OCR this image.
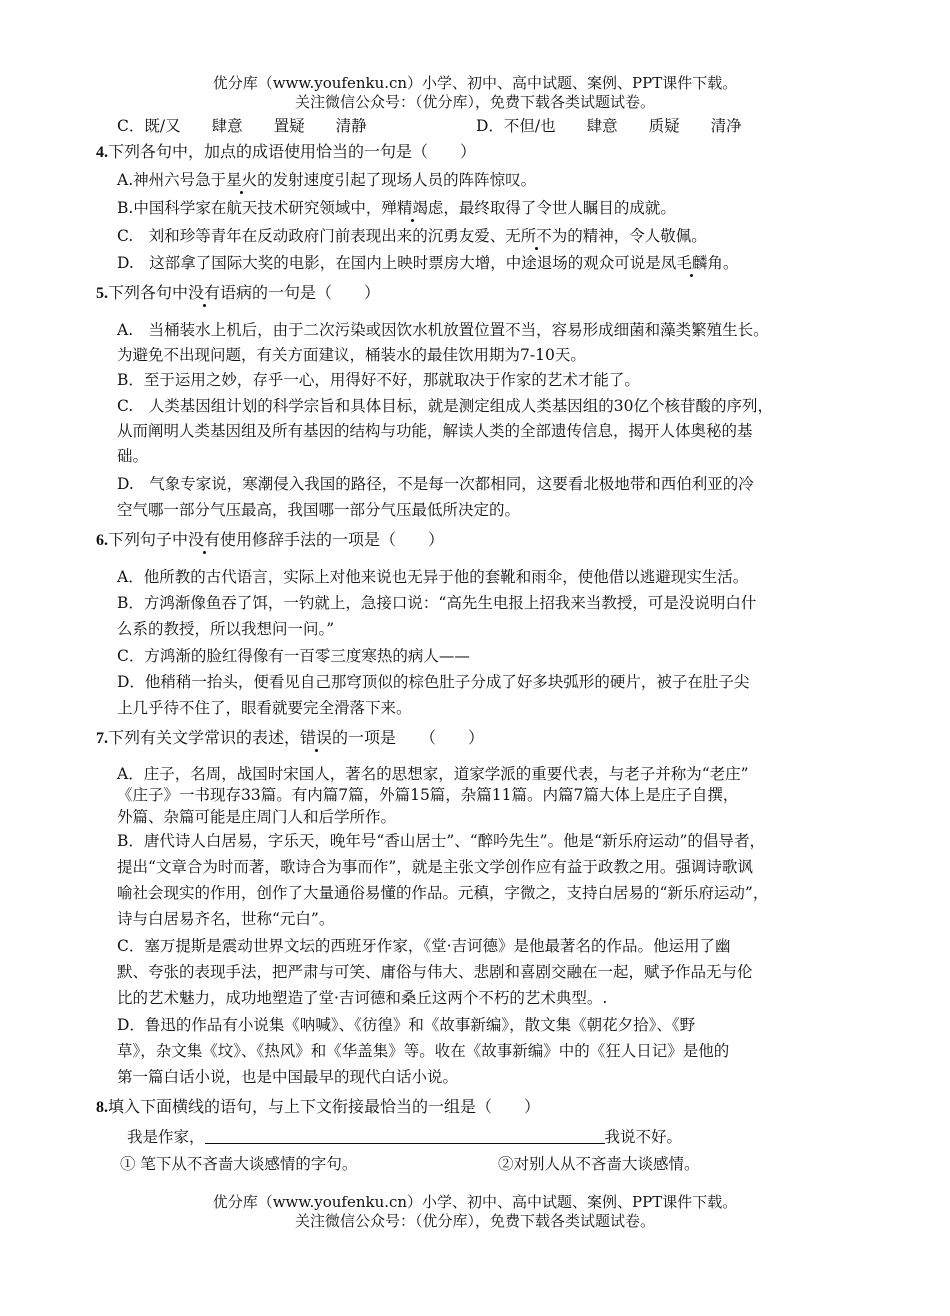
优分库（www.youfenku.cn）小学、初中、高中试题、案例、PPT课件下载。
关注微信公众号：（优分库），免费下载各类试题试卷。
C．既/又　　肆意　　置疑　　清静	D．不但/也　　肆意　　质疑　　清净
4.下列各句中，加点的成语使用恰当的一句是（　　）
A.神州六号急于星火的发射速度引起了现场人员的阵阵惊叹。
B.中国科学家在航天技术研究领域中，殚精竭虑，最终取得了令世人瞩目的成就。
C.　刘和珍等青年在反动政府门前表现出来的沉勇友爱、无所不为的精神，令人敬佩。
D.　这部拿了国际大奖的电影，在国内上映时票房大增，中途退场的观众可说是凤毛麟角。
5.下列各句中没有语病的一句是（　　）
A.　当桶装水上机后，由于二次污染或因饮水机放置位置不当，容易形成细菌和藻类繁殖生长。
为避免不出现问题，有关方面建议，桶装水的最佳饮用期为7-10天。
B．至于运用之妙，存乎一心，用得好不好，那就取决于作家的艺术才能了。
C.　人类基因组计划的科学宗旨和具体目标，就是测定组成人类基因组的30亿个核苷酸的序列，
从而阐明人类基因组及所有基因的结构与功能，解读人类的全部遗传信息，揭开人体奥秘的基
础。
D.　气象专家说，寒潮侵入我国的路径，不是每一次都相同，这要看北极地带和西伯利亚的冷
空气哪一部分气压最高，我国哪一部分气压最低所决定的。
6.下列句子中没有使用修辞手法的一项是（　　）
A．他所教的古代语言，实际上对他来说也无异于他的套靴和雨伞，使他借以逃避现实生活。
B．方鸿渐像鱼吞了饵，一钓就上，急接口说：“高先生电报上招我来当教授，可是没说明白什
么系的教授，所以我想问一问。”
C．方鸿渐的脸红得像有一百零三度寒热的病人——
D．他稍稍一抬头，便看见自己那穹顶似的棕色肚子分成了好多块弧形的硬片，被子在肚子尖
上几乎待不住了，眼看就要完全滑落下来。
7.下列有关文学常识的表述，错误的一项是　　（　　）
A．庄子，名周，战国时宋国人，著名的思想家，道家学派的重要代表，与老子并称为“老庄”
《庄子》一书现存33篇。有内篇7篇，外篇15篇，杂篇11篇。内篇7篇大体上是庄子自撰，
外篇、杂篇可能是庄周门人和后学所作。
B．唐代诗人白居易，字乐天，晚年号“香山居士”、“醉吟先生”。他是“新乐府运动”的倡导者，
提出“文章合为时而著，歌诗合为事而作”，就是主张文学创作应有益于政教之用。强调诗歌讽
喻社会现实的作用，创作了大量通俗易懂的作品。元稹，字微之，支持白居易的“新乐府运动”，
诗与白居易齐名，世称“元白”。
C．塞万提斯是震动世界文坛的西班牙作家，《堂·吉诃德》是他最著名的作品。他运用了幽
默、夸张的表现手法，把严肃与可笑、庸俗与伟大、悲剧和喜剧交融在一起，赋予作品无与伦
比的艺术魅力，成功地塑造了堂·吉诃德和桑丘这两个不朽的艺术典型。.
D．鲁迅的作品有小说集《呐喊》、《彷徨》和《故事新编》，散文集《朝花夕拾》、《野
草》，杂文集《坟》、《热风》和《华盖集》等。收在《故事新编》中的《狂人日记》是他的
第一篇白话小说，也是中国最早的现代白话小说。
8.填入下面横线的语句，与上下文衔接最恰当的一组是（　　）
我是作家，	我说不好。
① 笔下从不吝啬大谈感情的字句。	②对别人从不吝啬大谈感情。
优分库（www.youfenku.cn）小学、初中、高中试题、案例、PPT课件下载。
关注微信公众号：（优分库），免费下载各类试题试卷。
